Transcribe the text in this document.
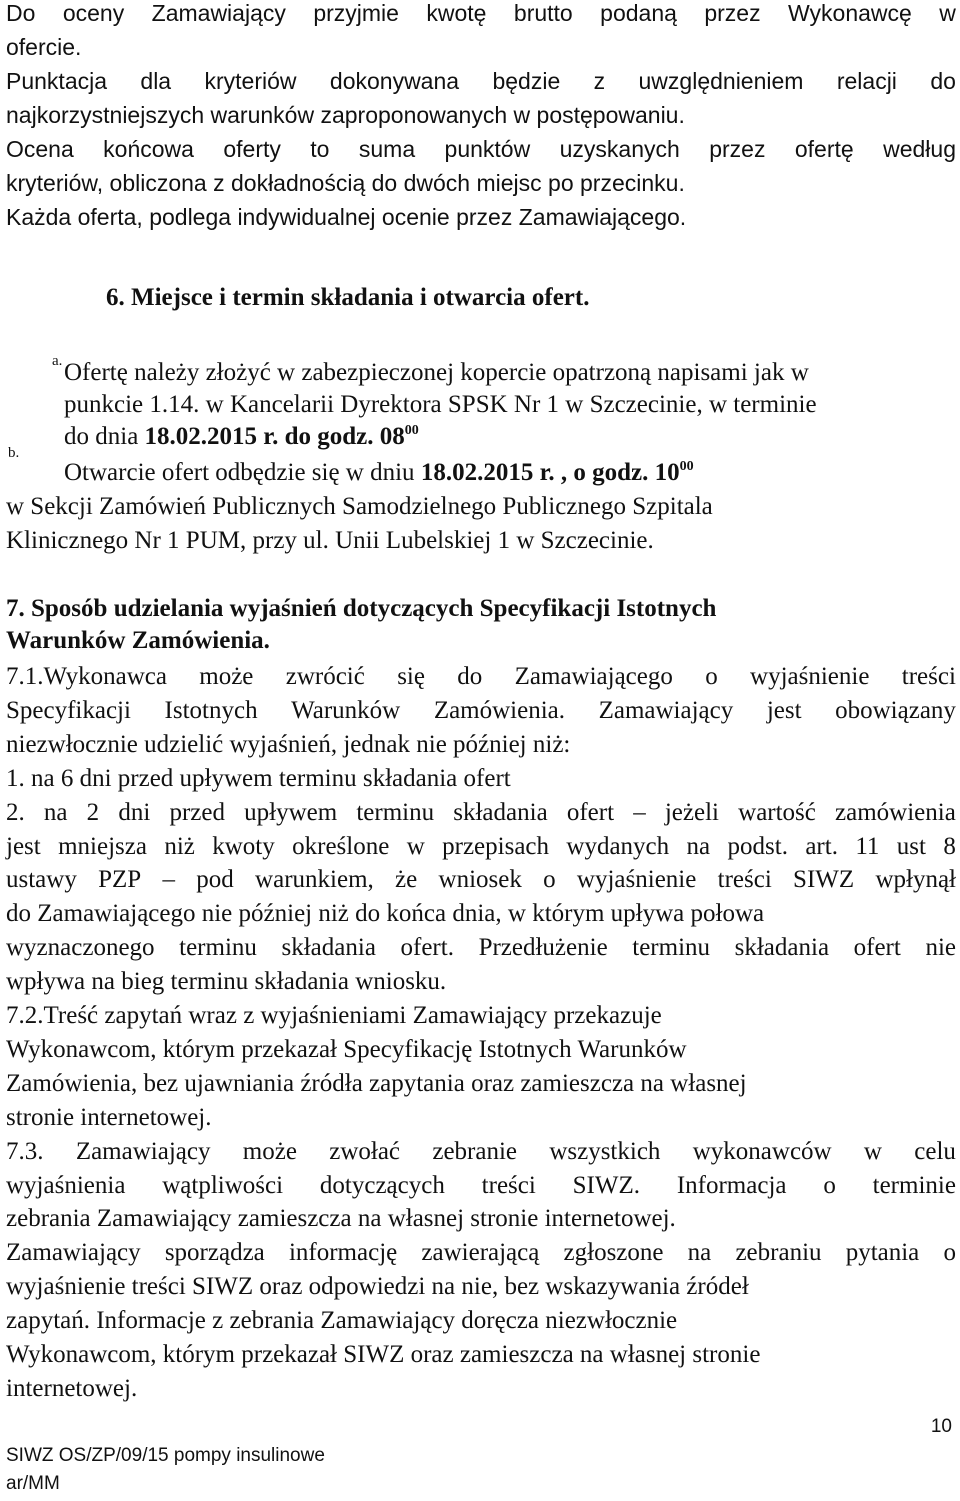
Do oceny Zamawiający przyjmie kwotę brutto podaną przez Wykonawcę w
ofercie.
Punktacja dla kryteriów dokonywana będzie z uwzględnieniem relacji do
najkorzystniejszych warunków zaproponowanych w postępowaniu.
Ocena końcowa oferty to suma punktów uzyskanych przez ofertę według
kryteriów, obliczona z dokładnością do dwóch miejsc po przecinku.
Każda oferta, podlega indywidualnej ocenie przez Zamawiającego.
6. Miejsce i termin składania i otwarcia ofert.
a. Ofertę należy złożyć w zabezpieczonej kopercie opatrzoną napisami jak w
punkcie 1.14. w Kancelarii Dyrektora SPSK Nr 1 w Szczecinie, w terminie
do dnia 18.02.2015 r. do godz. $08^{00}$
b.
Otwarcie ofert odbędzie się w dniu 18.02.2015 r. , o godz. $10^{00}$
w Sekcji Zamówień Publicznych Samodzielnego Publicznego Szpitala
Klinicznego Nr 1 PUM, przy ul. Unii Lubelskiej 1 w Szczecinie.
7. Sposób udzielania wyjaśnień dotyczących Specyfikacji Istotnych
Warunków Zamówienia.
7.1.Wykonawca może zwrócić się do Zamawiającego o wyjaśnienie treści
Specyfikacji Istotnych Warunków Zamówienia. Zamawiający jest obowiązany
niezwłocznie udzielić wyjaśnień, jednak nie później niż:
1. na 6 dni przed upływem terminu składania ofert
2. na 2 dni przed upływem terminu składania ofert – jeżeli wartość zamówienia
jest mniejsza niż kwoty określone w przepisach wydanych na podst. art. 11 ust 8
ustawy PZP – pod warunkiem, że wniosek o wyjaśnienie treści SIWZ wpłynął
do Zamawiającego nie później niż do końca dnia, w którym upływa połowa
wyznaczonego terminu składania ofert. Przedłużenie terminu składania ofert nie
wpływa na bieg terminu składania wniosku.
7.2.Treść zapytań wraz z wyjaśnieniami Zamawiający przekazuje
Wykonawcom, którym przekazał Specyfikację Istotnych Warunków
Zamówienia, bez ujawniania źródła zapytania oraz zamieszcza na własnej
stronie internetowej.
7.3. Zamawiający może zwołać zebranie wszystkich wykonawców w celu
wyjaśnienia wątpliwości dotyczących treści SIWZ. Informacja o terminie
zebrania Zamawiający zamieszcza na własnej stronie internetowej.
Zamawiający sporządza informację zawierającą zgłoszone na zebraniu pytania o
wyjaśnienie treści SIWZ oraz odpowiedzi na nie, bez wskazywania źródeł
zapytań. Informacje z zebrania Zamawiający doręcza niezwłocznie
Wykonawcom, którym przekazał SIWZ oraz zamieszcza na własnej stronie
internetowej.
SIWZ OS/ZP/09/15 pompy insulinowe
ar/MM
10
